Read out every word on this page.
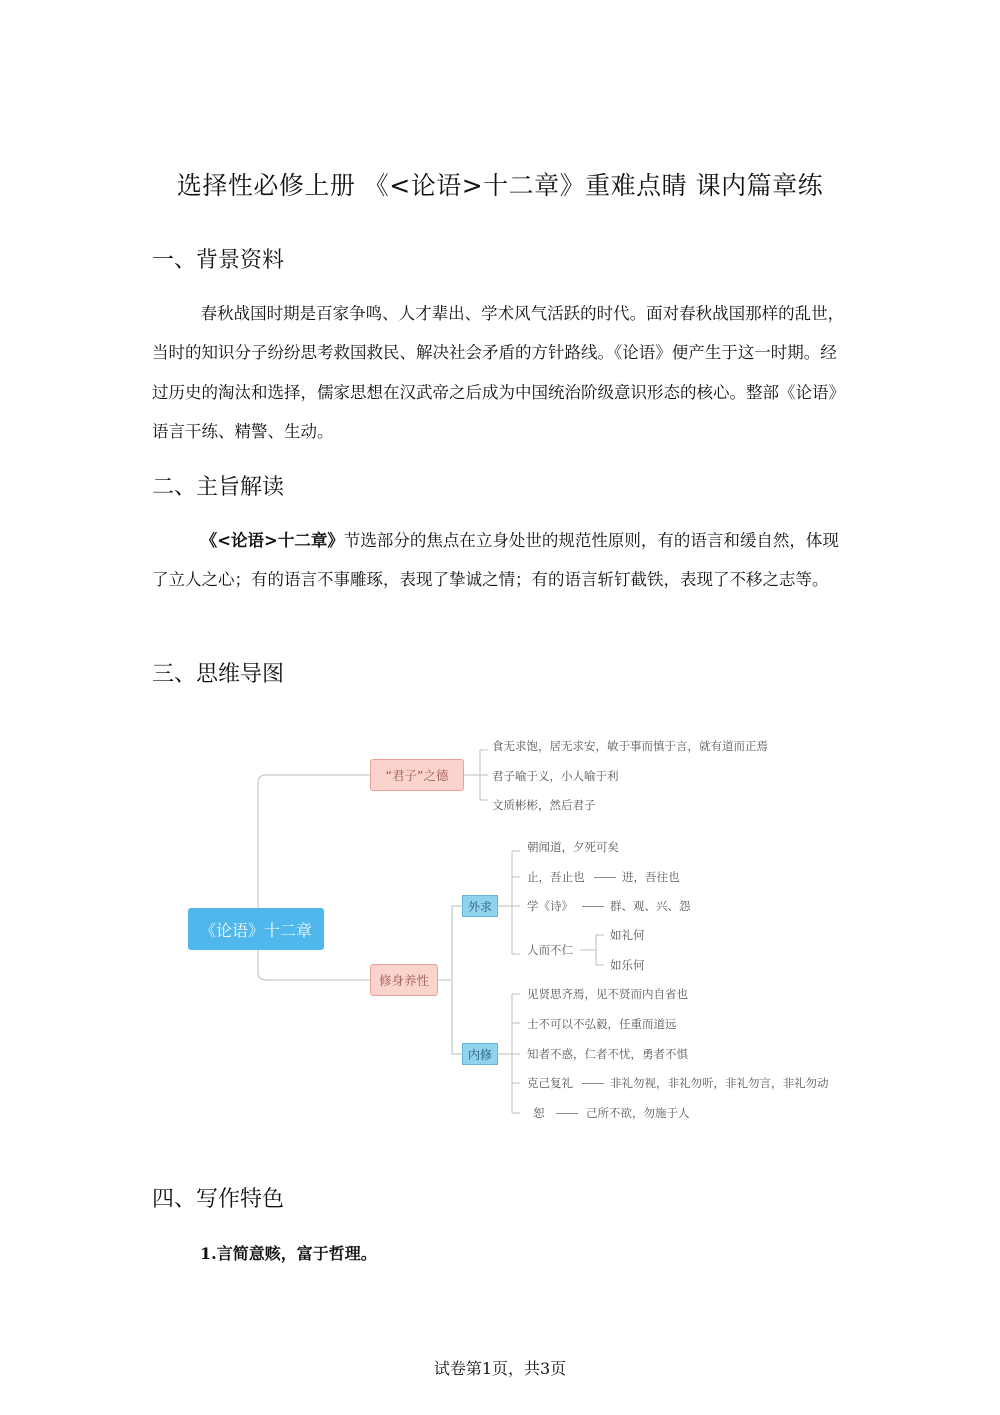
选择性必修上册 《<论语>十二章》重难点睛 课内篇章练
一、背景资料

春秋战国时期是百家争鸣、人才辈出、学术风气活跃的时代。面对春秋战国那样的乱世，当时的知识分子纷纷思考救国救民、解决社会矛盾的方针路线。《论语》便产生于这一时期。经过历史的淘汰和选择，儒家思想在汉武帝之后成为中国统治阶级意识形态的核心。整部《论语》语言干练、精警、生动。

二、主旨解读

《<论语>十二章》节选部分的焦点在立身处世的规范性原则，有的语言和缓自然，体现了立人之心；有的语言不事雕琢，表现了挚诚之情；有的语言斩钉截铁，表现了不移之志等。

三、思维导图
《论语》十二章
“君子”之德
食无求饱，居无求安，敏于事而慎于言，就有道而正焉
君子喻于义，小人喻于利
文质彬彬，然后君子
修身养性
外求
朝闻道，夕死可矣
止，吾止也	进，吾往也
学《诗》	群、观、兴、怨
人而不仁
如礼何
如乐何
内修
见贤思齐焉，见不贤而内自省也
士不可以不弘毅，任重而道远
知者不惑，仁者不忧，勇者不惧
克己复礼	非礼勿视，非礼勿听，非礼勿言，非礼勿动
恕	己所不欲，勿施于人
四、写作特色
1.言简意赅，富于哲理。
试卷第1页，共3页
